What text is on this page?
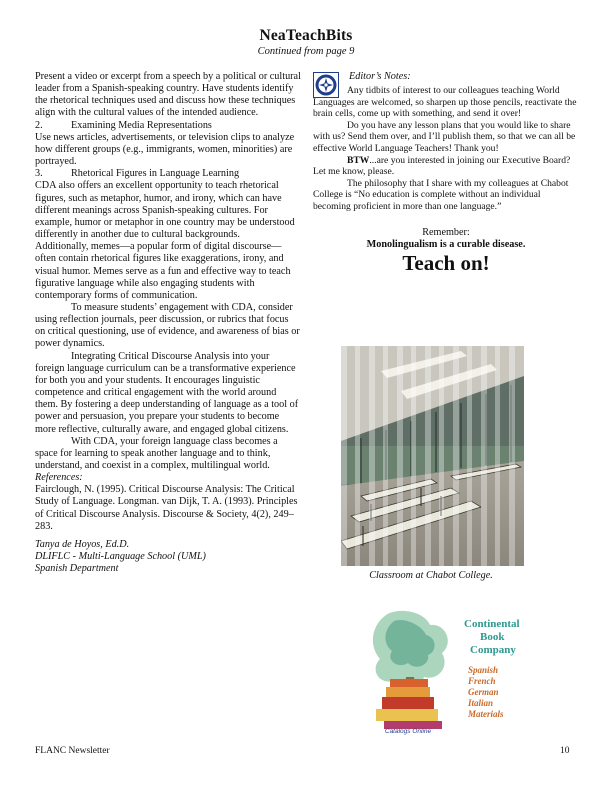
NeaTeachBits
Continued from page 9

Present a video or excerpt from a speech by a political or cultural leader from a Spanish-speaking country. Have students identify the rhetorical techniques used and discuss how these techniques align with the cultural values of the intended audience.

2.	Examining Media Representations

Use news articles, advertisements, or television clips to analyze how different groups (e.g., immigrants, women, minorities) are portrayed.

3.	Rhetorical Figures in Language Learning

CDA also offers an excellent opportunity to teach rhetorical figures, such as metaphor, humor, and irony, which can have different meanings across Spanish-speaking cultures. For example, humor or metaphor in one country may be understood differently in another due to cultural backgrounds.

Additionally, memes—a popular form of digital discourse—often contain rhetorical figures like exaggerations, irony, and visual humor. Memes serve as a fun and effective way to teach figurative language while also engaging students with contemporary forms of communication.

To measure students’ engagement with CDA, consider using reflection journals, peer discussion, or rubrics that focus on critical questioning, use of evidence, and awareness of bias or power dynamics.

Integrating Critical Discourse Analysis into your foreign language curriculum can be a transformative experience for both you and your students. It encourages linguistic competence and critical engagement with the world around them. By fostering a deep understanding of language as a tool of power and persuasion, you prepare your students to become more reflective, culturally aware, and engaged global citizens.

With CDA, your foreign language class becomes a space for learning to speak another language and to think, understand, and coexist in a complex, multilingual world.

References:

Fairclough, N. (1995). Critical Discourse Analysis: The Critical Study of Language. Longman. van Dijk, T. A. (1993). Principles of Critical Discourse Analysis. Discourse & Society, 4(2), 249–283.

Tanya de Hoyos, Ed.D.

DLIFLC - Multi-Language School (UML)

Spanish Department

Editor’s Notes:

Any tidbits of interest to our colleagues teaching World Languages are welcomed, so sharpen up those pencils, reactivate the brain cells, come up with something, and send it over!

Do you have any lesson plans that you would like to share with us? Send them over, and I’ll publish them, so that we can all be effective World Language Teachers! Thank you!

BTW...are you interested in joining our Executive Board? Let me know, please.

The philosophy that I share with my colleagues at Chabot College is “No education is complete without an individual becoming proficient in more than one language.”

Remember:
Monolingualism is a curable disease.
Teach on!
Classroom at Chabot College.
Catalogs Online
Continental
Book
Company
Spanish
French
German
Italian
Materials
FLANC Newsletter	10
